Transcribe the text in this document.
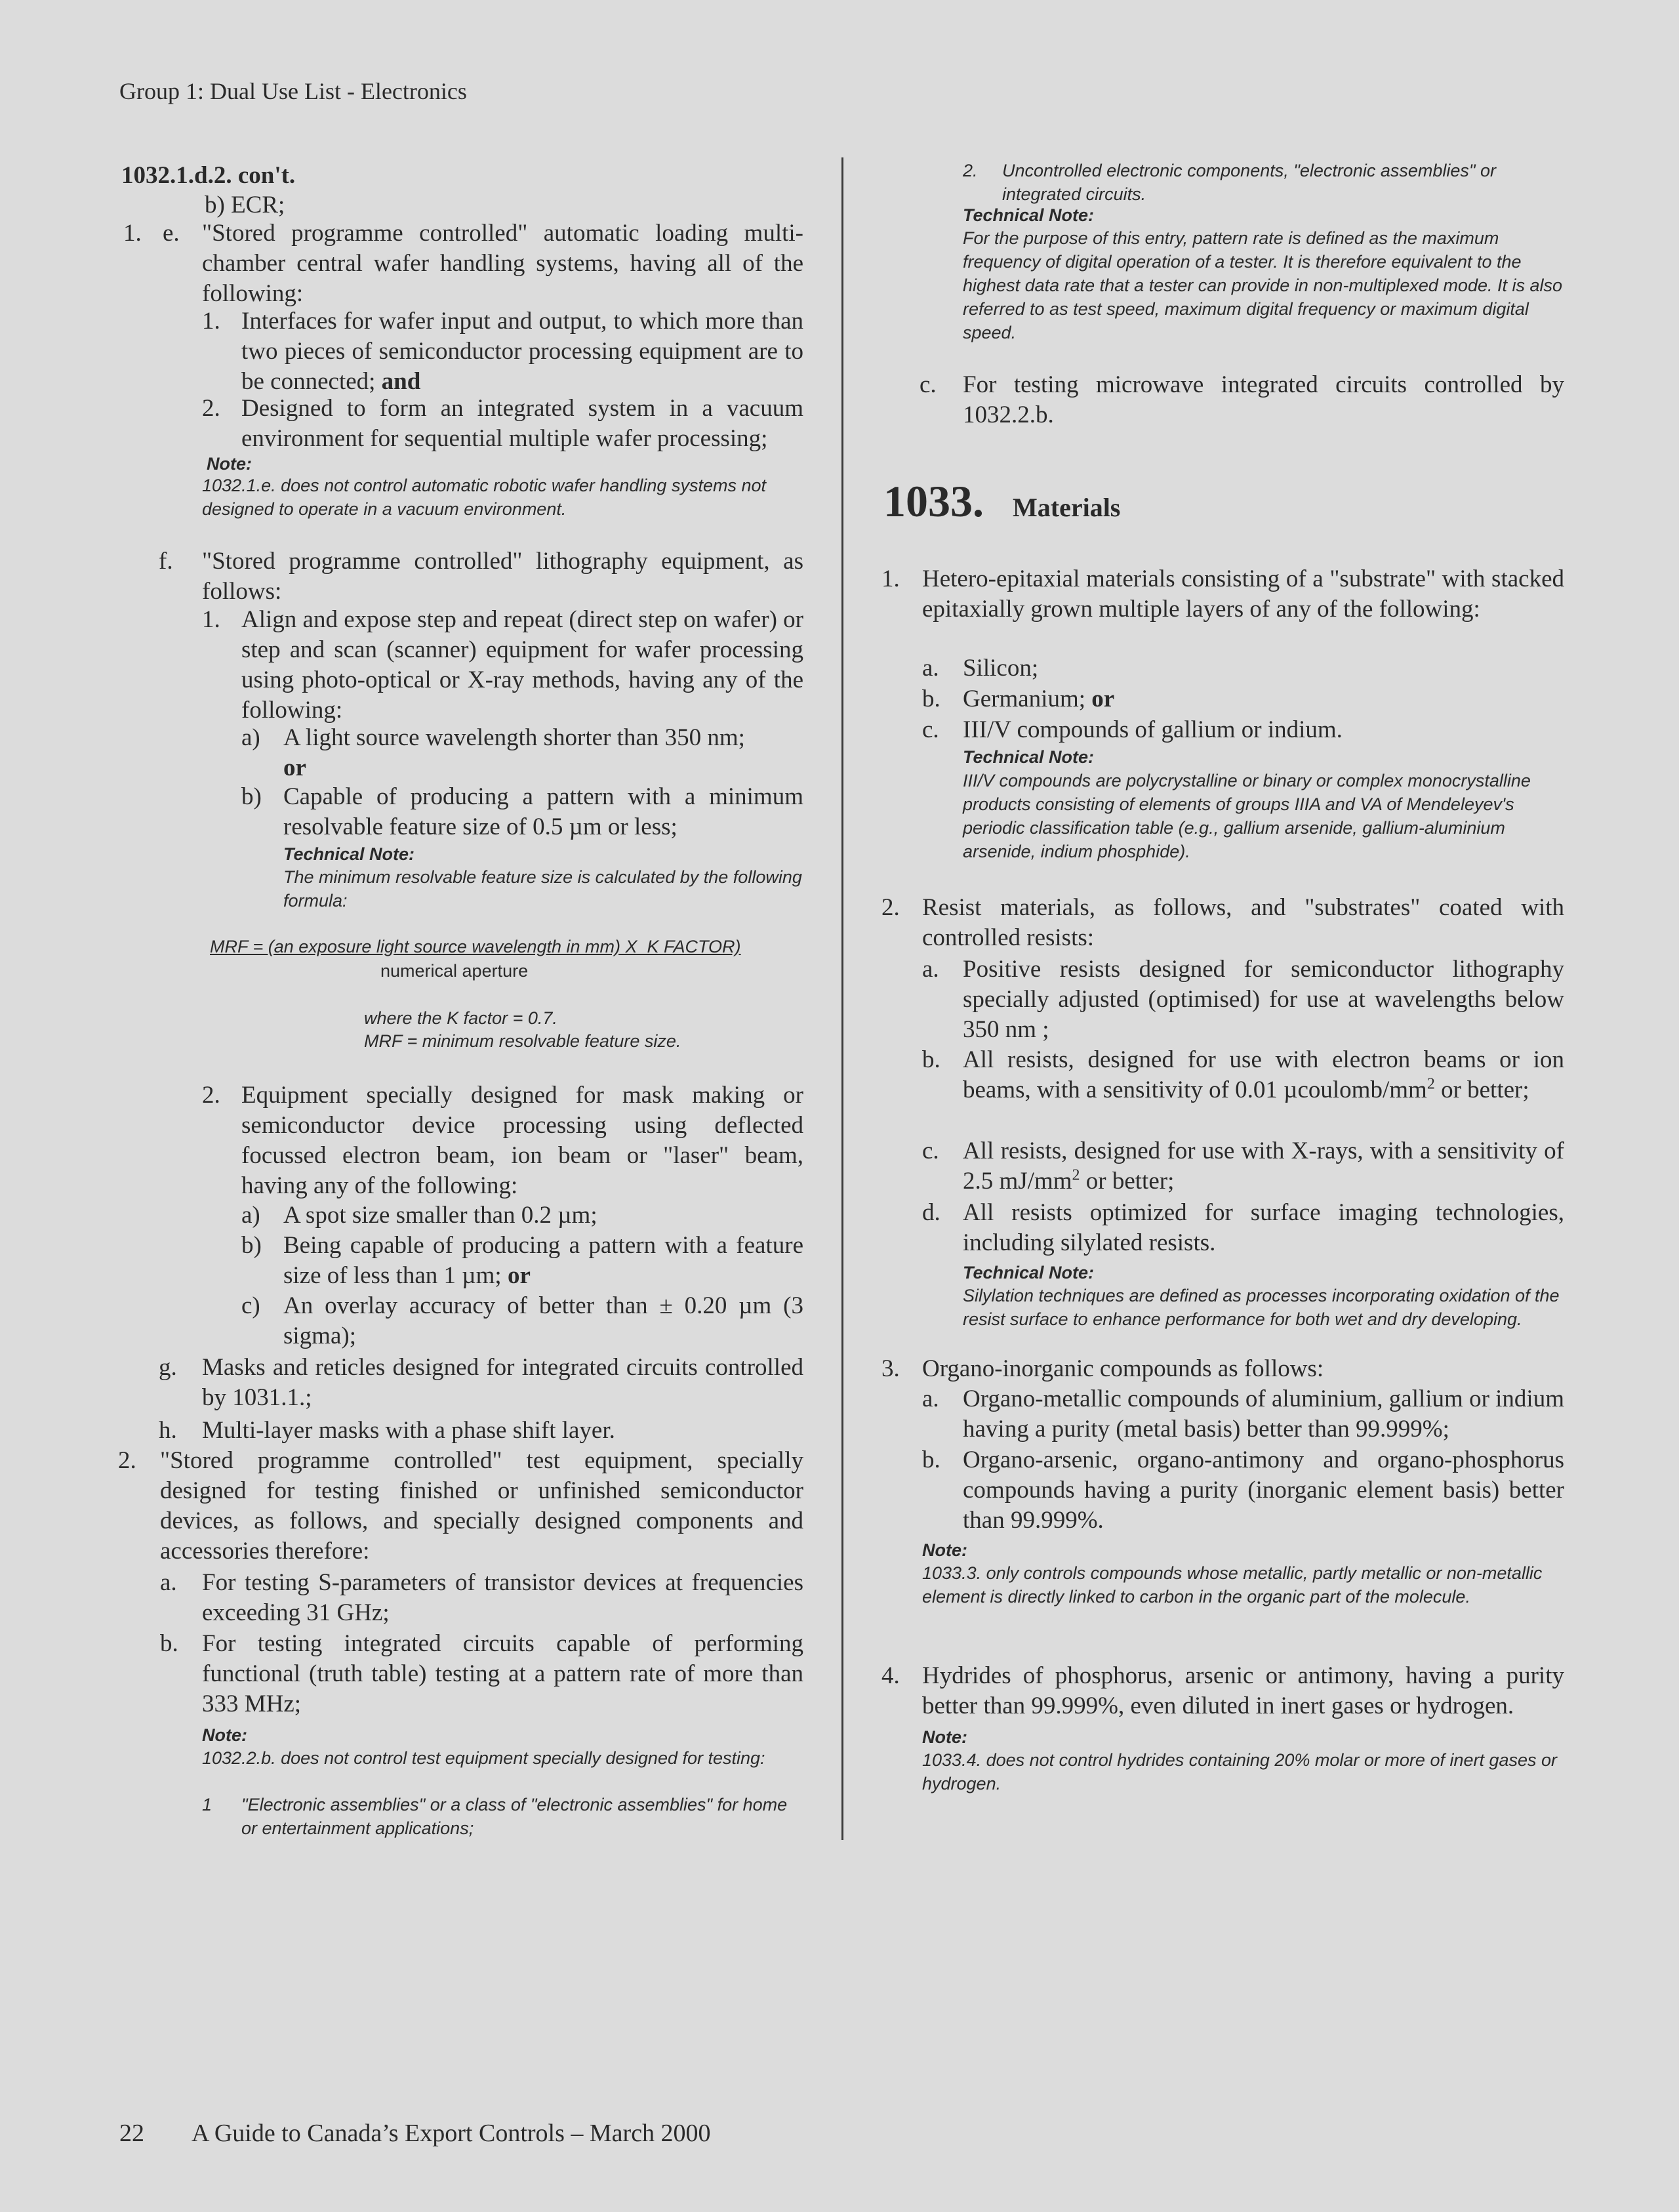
Group 1: Dual Use List - Electronics
1032.1.d.2. con't.
b) ECR;
1. e. "Stored programme controlled" automatic loading multi-chamber central wafer handling systems, having all of the following:
1. Interfaces for wafer input and output, to which more than two pieces of semiconductor processing equipment are to be connected; and
2. Designed to form an integrated system in a vacuum environment for sequential multiple wafer processing;
Note:
1032.1.e. does not control automatic robotic wafer handling systems not designed to operate in a vacuum environment.
f. "Stored programme controlled" lithography equipment, as follows:
1. Align and expose step and repeat (direct step on wafer) or step and scan (scanner) equipment for wafer processing using photo-optical or X-ray methods, having any of the following:
a) A light source wavelength shorter than 350 nm;
or
b) Capable of producing a pattern with a minimum resolvable feature size of 0.5 µm or less;
Technical Note:
The minimum resolvable feature size is calculated by the following formula:
MRF = (an exposure light source wavelength in mm) X  K FACTOR)
numerical aperture
where the K factor = 0.7.
MRF = minimum resolvable feature size.
2. Equipment specially designed for mask making or semiconductor device processing using deflected focussed electron beam, ion beam or "laser" beam, having any of the following:
a) A spot size smaller than 0.2 µm;
b) Being capable of producing a pattern with a feature size of less than 1 µm; or
c) An overlay accuracy of better than ± 0.20 µm (3 sigma);
g. Masks and reticles designed for integrated circuits controlled by 1031.1.;
h. Multi-layer masks with a phase shift layer.
2. "Stored programme controlled" test equipment, specially designed for testing finished or unfinished semiconductor devices, as follows, and specially designed components and accessories therefore:
a. For testing S-parameters of transistor devices at frequencies exceeding 31 GHz;
b. For testing integrated circuits capable of performing functional (truth table) testing at a pattern rate of more than 333 MHz;
Note:
1032.2.b. does not control test equipment specially designed for testing:
1 "Electronic assemblies" or a class of "electronic assemblies" for home or entertainment applications;
2. Uncontrolled electronic components, "electronic assemblies" or integrated circuits.
Technical Note:
For the purpose of this entry, pattern rate is defined as the maximum frequency of digital operation of a tester. It is therefore equivalent to the highest data rate that a tester can provide in non-multiplexed mode. It is also referred to as test speed, maximum digital frequency or maximum digital speed.
c. For testing microwave integrated circuits controlled by 1032.2.b.
1033. Materials
1. Hetero-epitaxial materials consisting of a "substrate" with stacked epitaxially grown multiple layers of any of the following:
a. Silicon;
b. Germanium; or
c. III/V compounds of gallium or indium.
Technical Note:
III/V compounds are polycrystalline or binary or complex monocrystalline products consisting of elements of groups IIIA and VA of Mendeleyev's periodic classification table (e.g., gallium arsenide, gallium-aluminium arsenide, indium phosphide).
2. Resist materials, as follows, and "substrates" coated with controlled resists:
a. Positive resists designed for semiconductor lithography specially adjusted (optimised) for use at wavelengths below 350 nm ;
b. All resists, designed for use with electron beams or ion beams, with a sensitivity of 0.01 µcoulomb/$mm^2$ or better;
c. All resists, designed for use with X-rays, with a sensitivity of 2.5 $mJ/mm^2$ or better;
d. All resists optimized for surface imaging technologies, including silylated resists.
Technical Note:
Silylation techniques are defined as processes incorporating oxidation of the resist surface to enhance performance for both wet and dry developing.
3. Organo-inorganic compounds as follows:
a. Organo-metallic compounds of aluminium, gallium or indium having a purity (metal basis) better than 99.999%;
b. Organo-arsenic, organo-antimony and organo-phosphorus compounds having a purity (inorganic element basis) better than 99.999%.
Note:
1033.3. only controls compounds whose metallic, partly metallic or non-metallic element is directly linked to carbon in the organic part of the molecule.
4. Hydrides of phosphorus, arsenic or antimony, having a purity better than 99.999%, even diluted in inert gases or hydrogen.
Note:
1033.4. does not control hydrides containing 20% molar or more of inert gases or hydrogen.
22 A Guide to Canada’s Export Controls – March 2000
